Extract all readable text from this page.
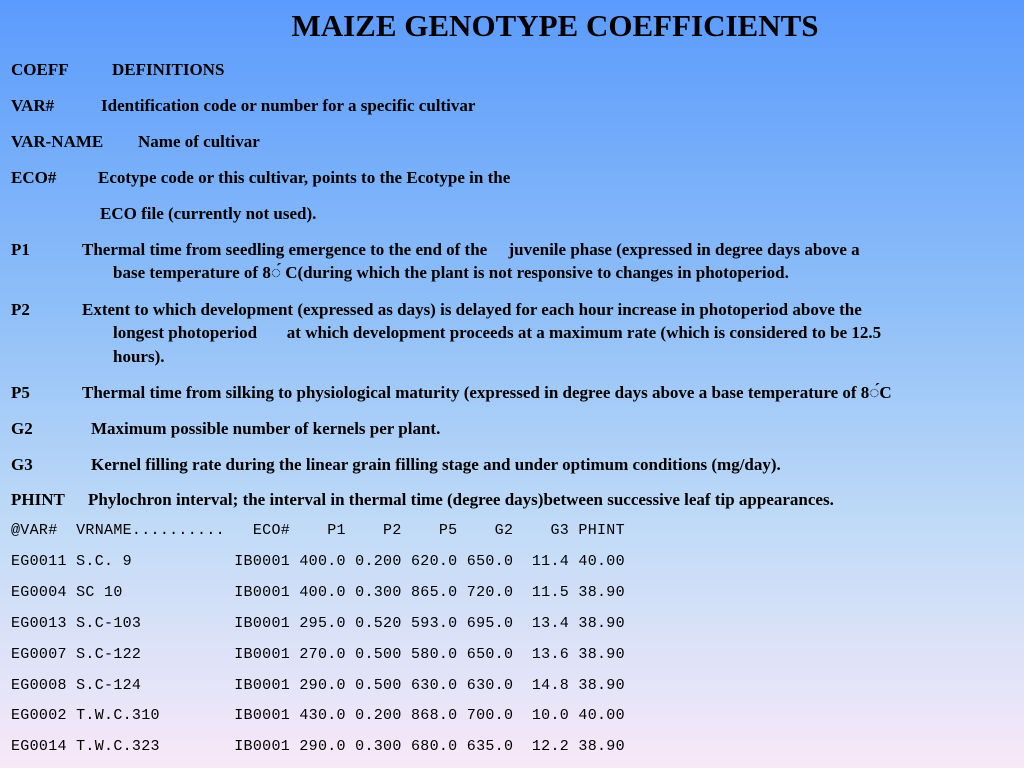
MAIZE GENOTYPE COEFFICIENTS
COEFF	DEFINITIONS
VAR#	Identification code or number for a specific cultivar
VAR-NAME Name of cultivar
ECO# Ecotype code or this cultivar, points to the Ecotype in the
ECO file (currently not used).
P1	Thermal time from seedling emergence to the end of the     juvenile phase (expressed in degree days above a
base temperature of 8◌́ C(during which the plant is not responsive to changes in photoperiod.
P2	Extent to which development (expressed as days) is delayed for each hour increase in photoperiod above the
longest photoperiod       at which development proceeds at a maximum rate (which is considered to be 12.5
hours).
P5	Thermal time from silking to physiological maturity (expressed in degree days above a base temperature of 8◌́C
G2	Maximum possible number of kernels per plant.
G3	Kernel filling rate during the linear grain filling stage and under optimum conditions (mg/day).
PHINT Phylochron interval; the interval in thermal time (degree days)between successive leaf tip appearances.
@VAR#  VRNAME..........   ECO#    P1    P2    P5    G2    G3 PHINT
EG0011 S.C. 9           IB0001 400.0 0.200 620.0 650.0  11.4 40.00
EG0004 SC 10            IB0001 400.0 0.300 865.0 720.0  11.5 38.90
EG0013 S.C-103          IB0001 295.0 0.520 593.0 695.0  13.4 38.90
EG0007 S.C-122          IB0001 270.0 0.500 580.0 650.0  13.6 38.90
EG0008 S.C-124          IB0001 290.0 0.500 630.0 630.0  14.8 38.90
EG0002 T.W.C.310        IB0001 430.0 0.200 868.0 700.0  10.0 40.00
EG0014 T.W.C.323        IB0001 290.0 0.300 680.0 635.0  12.2 38.90
